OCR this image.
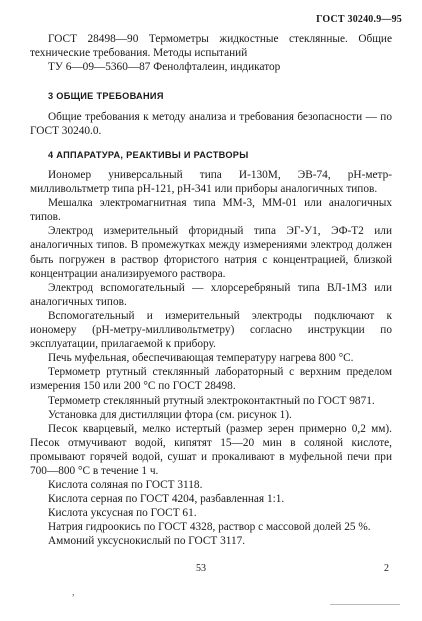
ГОСТ 30240.9—95

ГОСТ 28498—90 Термометры жидкостные стеклянные. Общие технические требования. Методы испытаний

ТУ 6—09—5360—87 Фенолфталеин, индикатор

3 ОБЩИЕ ТРЕБОВАНИЯ

Общие требования к методу анализа и требования безопасности — по ГОСТ 30240.0.

4 АППАРАТУРА, РЕАКТИВЫ И РАСТВОРЫ

Иономер универсальный типа И-130М, ЭВ-74, pH-метр-милливольтметр типа pH-121, pH-341 или приборы аналогичных типов.

Мешалка электромагнитная типа ММ-3, ММ-01 или аналогичных типов.

Электрод измерительный фторидный типа ЭГ-У1, ЭФ-Т2 или аналогичных типов. В промежутках между измерениями электрод должен быть погружен в раствор фтористого натрия с концентрацией, близкой концентрации анализируемого раствора.

Электрод вспомогательный — хлорсеребряный типа ВЛ-1МЗ или аналогичных типов.

Вспомогательный и измерительный электроды подключают к иономеру (pH-метру-милливольтметру) согласно инструкции по эксплуатации, прилагаемой к прибору.

Печь муфельная, обеспечивающая температуру нагрева 800 °С.

Термометр ртутный стеклянный лабораторный с верхним пределом измерения 150 или 200 °С по ГОСТ 28498.

Термометр стеклянный ртутный электроконтактный по ГОСТ 9871.

Установка для дистилляции фтора (см. рисунок 1).

Песок кварцевый, мелко истертый (размер зерен примерно 0,2 мм). Песок отмучивают водой, кипятят 15—20 мин в соляной кислоте, промывают горячей водой, сушат и прокаливают в муфельной печи при 700—800 °С в течение 1 ч.

Кислота соляная по ГОСТ 3118.

Кислота серная по ГОСТ 4204, разбавленная 1:1.

Кислота уксусная по ГОСТ 61.

Натрия гидроокись по ГОСТ 4328, раствор с массовой долей 25 %.

Аммоний уксуснокислый по ГОСТ 3117.

53	2
,
